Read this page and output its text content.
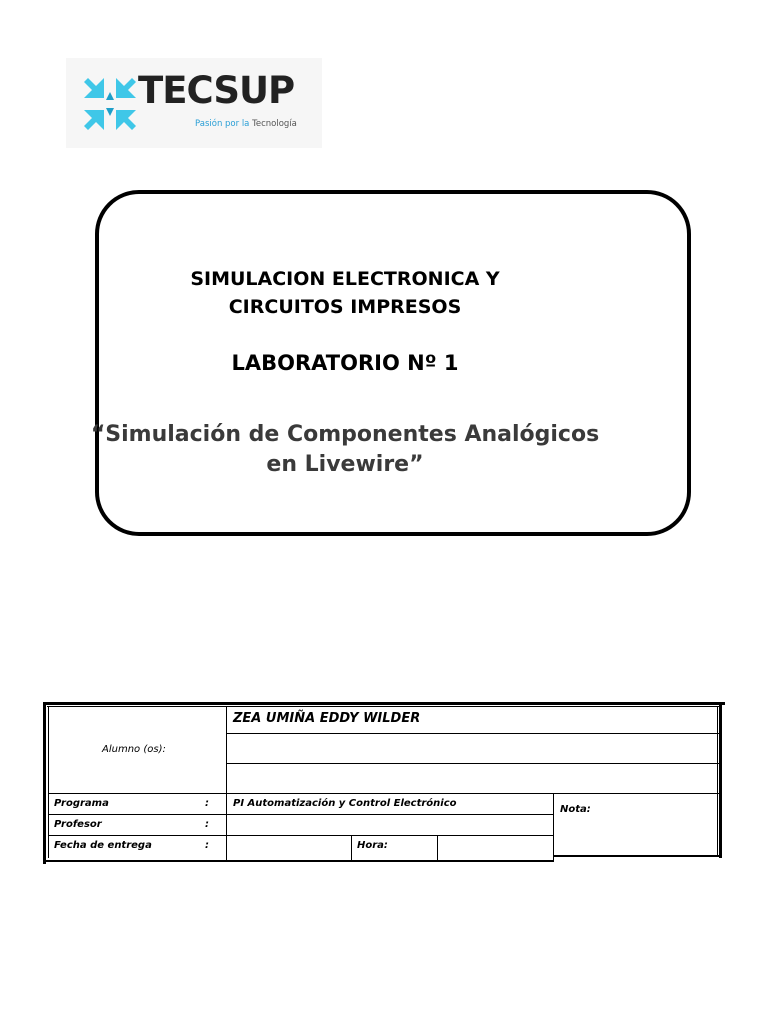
TECSUP
Pasión por la Tecnología
SIMULACION ELECTRONICA Y
CIRCUITOS IMPRESOS
LABORATORIO Nº 1
“Simulación de Componentes Analógicos
en Livewire”
Alumno (os):
ZEA UMIÑA EDDY WILDER
Programa	: PI Automatización y Control Electrónico
Profesor	:
Fecha de entrega	:	Hora:
Nota:
